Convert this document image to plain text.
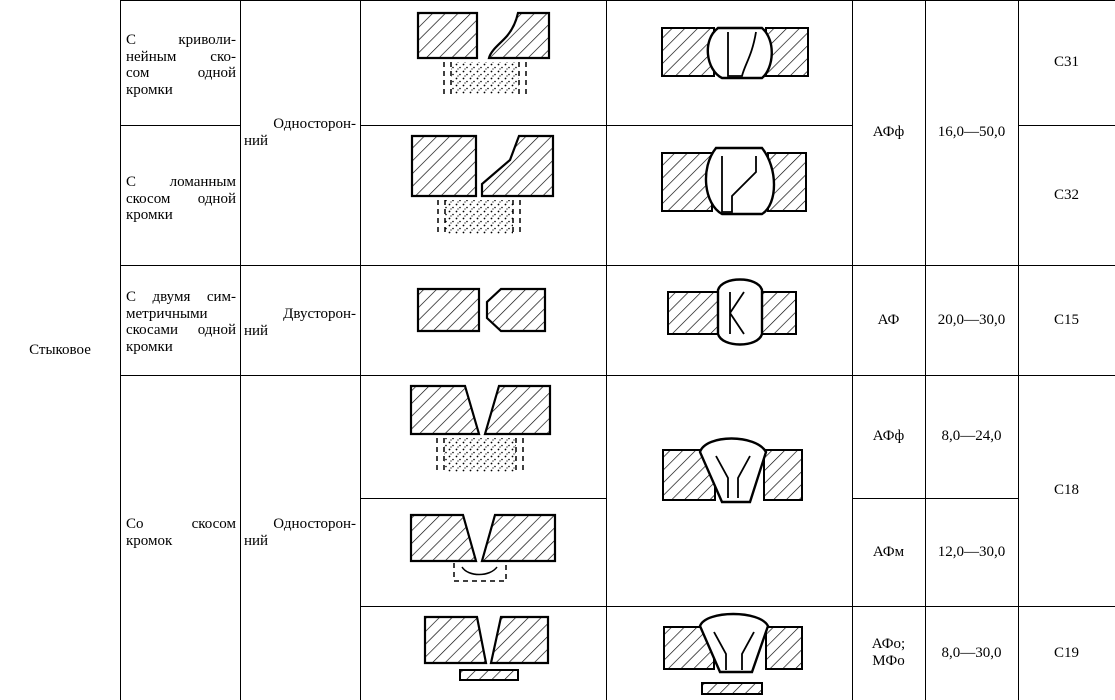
Стыковое
С криволи-
нейным ско-
сом одной
кромки
С ломанным
скосом одной
кромки
С двумя сим-
метричными
скосами одной
кромки
Со скосом
кромок
Односторон-
ний
Двусторон-
ний
Односторон-
ний
АФф
АФ
АФф
АФм
АФо;
МФо
16,0—50,0
20,0—30,0
8,0—24,0
12,0—30,0
8,0—30,0
С31
С32
С15
С18
С19
